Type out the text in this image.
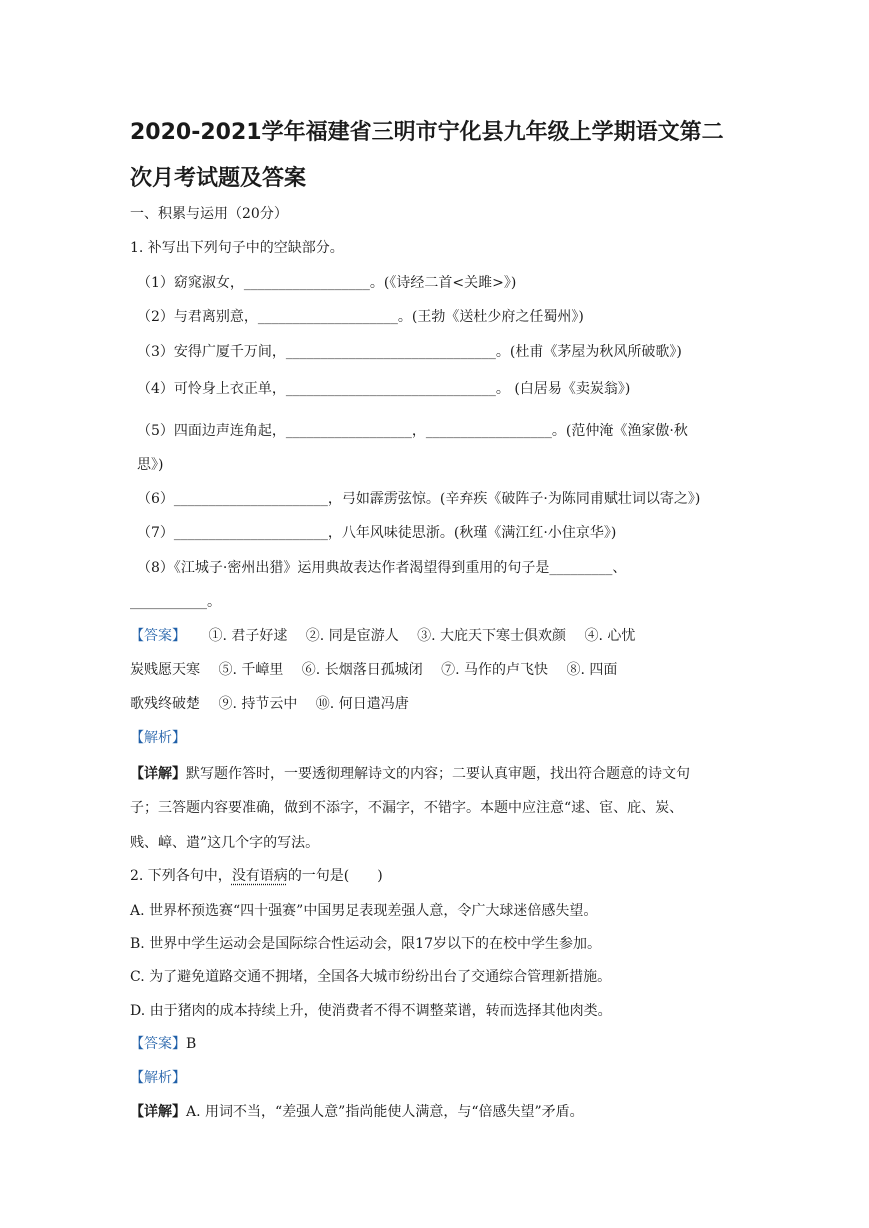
2020-2021学年福建省三明市宁化县九年级上学期语文第二
次月考试题及答案
一、积累与运用（20分）
1. 补写出下列句子中的空缺部分。
（1）窈窕淑女，__________________。(《诗经二首<关雎>》)
（2）与君离别意，____________________。(王勃《送杜少府之任蜀州》)
（3）安得广厦千万间，______________________________。(杜甫《茅屋为秋风所破歌》)
（4）可怜身上衣正单，______________________________。 (白居易《卖炭翁》)
（5）四面边声连角起，__________________，__________________。(范仲淹《渔家傲·秋
思》)
（6）______________________，弓如霹雳弦惊。(辛弃疾《破阵子·为陈同甫赋壮词以寄之》)
（7）______________________，八年风味徒思浙。(秋瑾《满江红·小住京华》)
（8）《江城子·密州出猎》运用典故表达作者渴望得到重用的句子是_________、
___________。
【答案】 ①. 君子好逑　 ②. 同是宦游人　 ③. 大庇天下寒士俱欢颜　 ④. 心忧
炭贱愿天寒　 ⑤. 千嶂里　 ⑥. 长烟落日孤城闭　 ⑦. 马作的卢飞快　 ⑧. 四面
歌残终破楚　 ⑨. 持节云中　 ⑩. 何日遣冯唐
【解析】
【详解】默写题作答时，一要透彻理解诗文的内容；二要认真审题，找出符合题意的诗文句
子；三答题内容要准确，做到不添字，不漏字，不错字。本题中应注意“逑、宦、庇、炭、
贱、嶂、遣”这几个字的写法。
2. 下列各句中，没有语病的一句是(　　)
A. 世界杯预选赛“四十强赛”中国男足表现差强人意，令广大球迷倍感失望。
B. 世界中学生运动会是国际综合性运动会，限17岁以下的在校中学生参加。
C. 为了避免道路交通不拥堵，全国各大城市纷纷出台了交通综合管理新措施。
D. 由于猪肉的成本持续上升，使消费者不得不调整菜谱，转而选择其他肉类。
【答案】B
【解析】
【详解】A. 用词不当，“差强人意”指尚能使人满意，与“倍感失望”矛盾。
